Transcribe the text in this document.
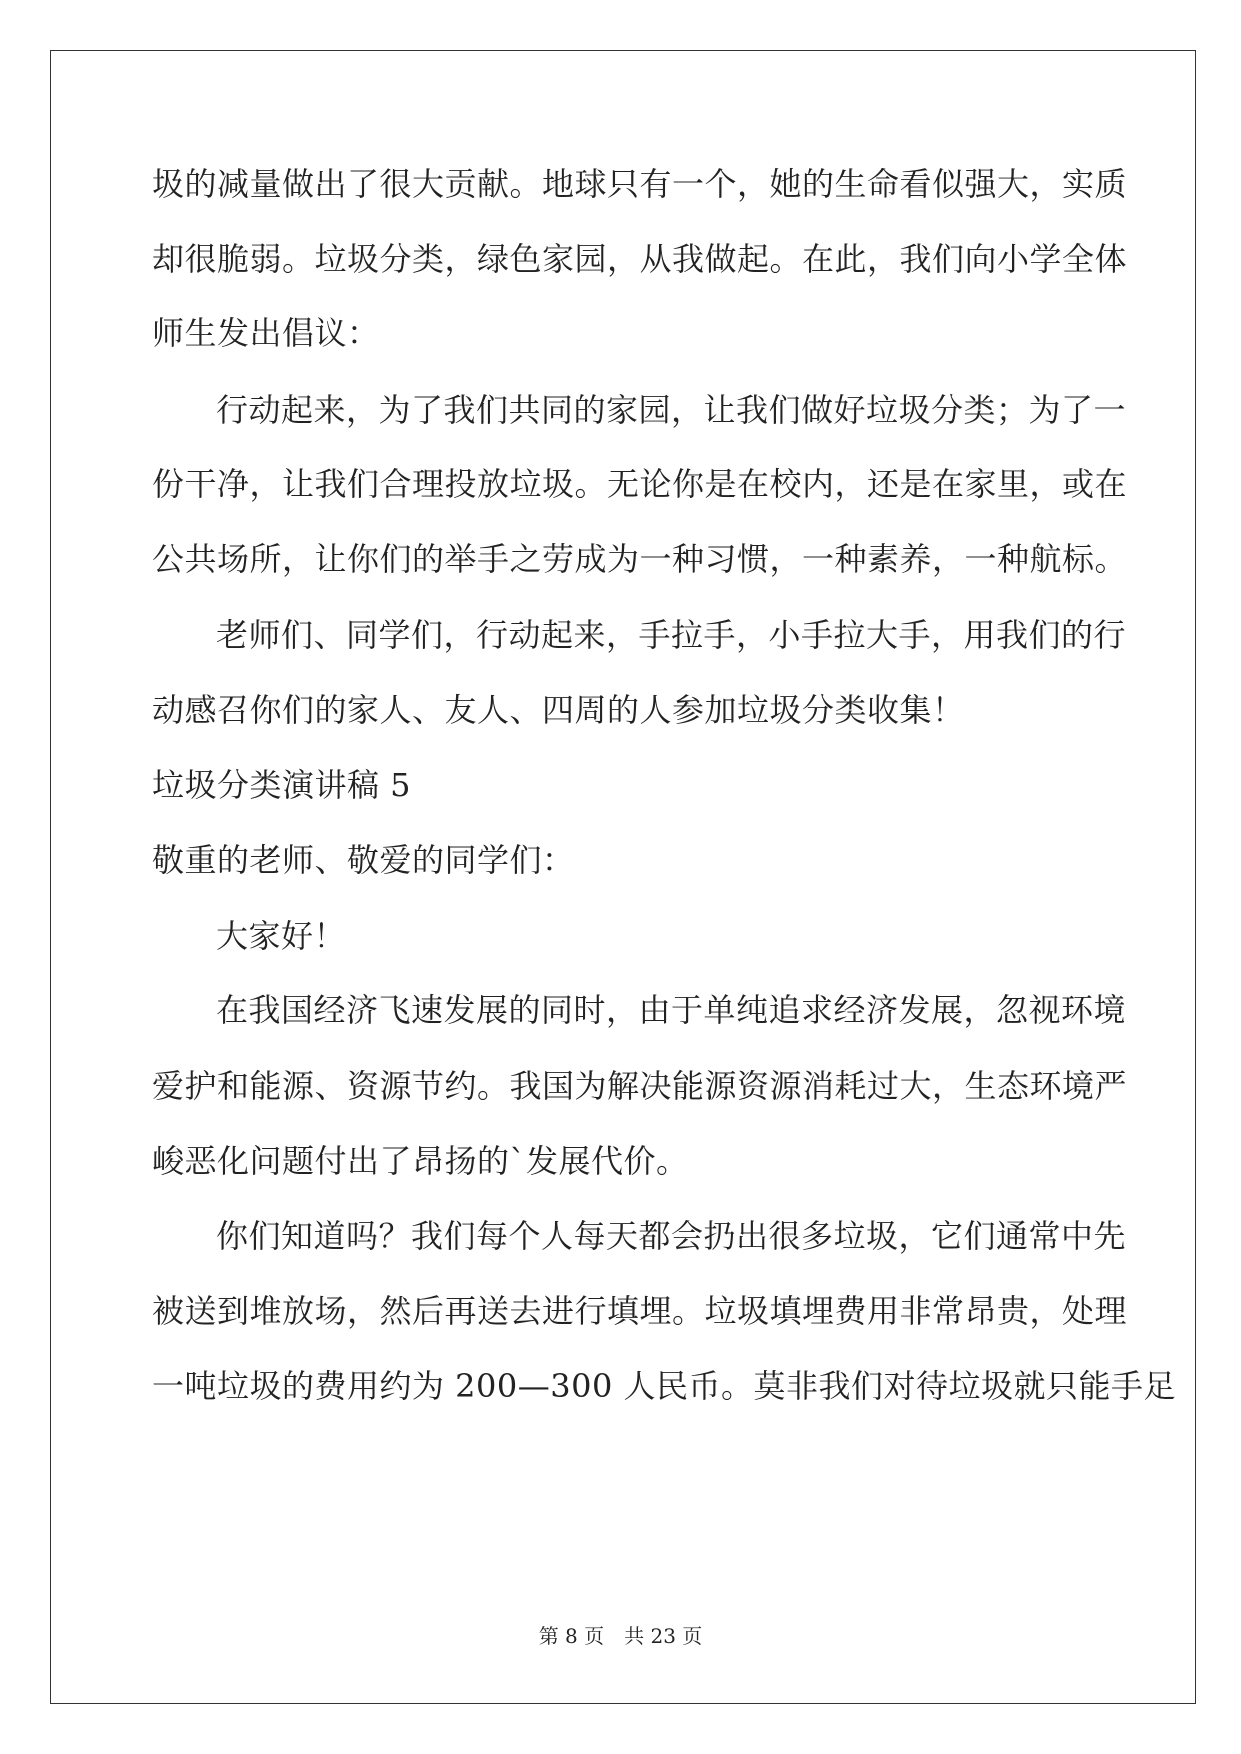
圾的减量做出了很大贡献。地球只有一个，她的生命看似强大，实质
却很脆弱。垃圾分类，绿色家园，从我做起。在此，我们向小学全体
师生发出倡议：
行动起来，为了我们共同的家园，让我们做好垃圾分类；为了一
份干净，让我们合理投放垃圾。无论你是在校内，还是在家里，或在
公共场所，让你们的举手之劳成为一种习惯，一种素养，一种航标。
老师们、同学们，行动起来，手拉手，小手拉大手，用我们的行
动感召你们的家人、友人、四周的人参加垃圾分类收集！
垃圾分类演讲稿 5
敬重的老师、敬爱的同学们：
大家好！
在我国经济飞速发展的同时，由于单纯追求经济发展，忽视环境
爱护和能源、资源节约。我国为解决能源资源消耗过大，生态环境严
峻恶化问题付出了昂扬的`发展代价。
你们知道吗？我们每个人每天都会扔出很多垃圾，它们通常中先
被送到堆放场，然后再送去进行填埋。垃圾填埋费用非常昂贵，处理
一吨垃圾的费用约为 200—300 人民币。莫非我们对待垃圾就只能手足
第 8 页 共 23 页
